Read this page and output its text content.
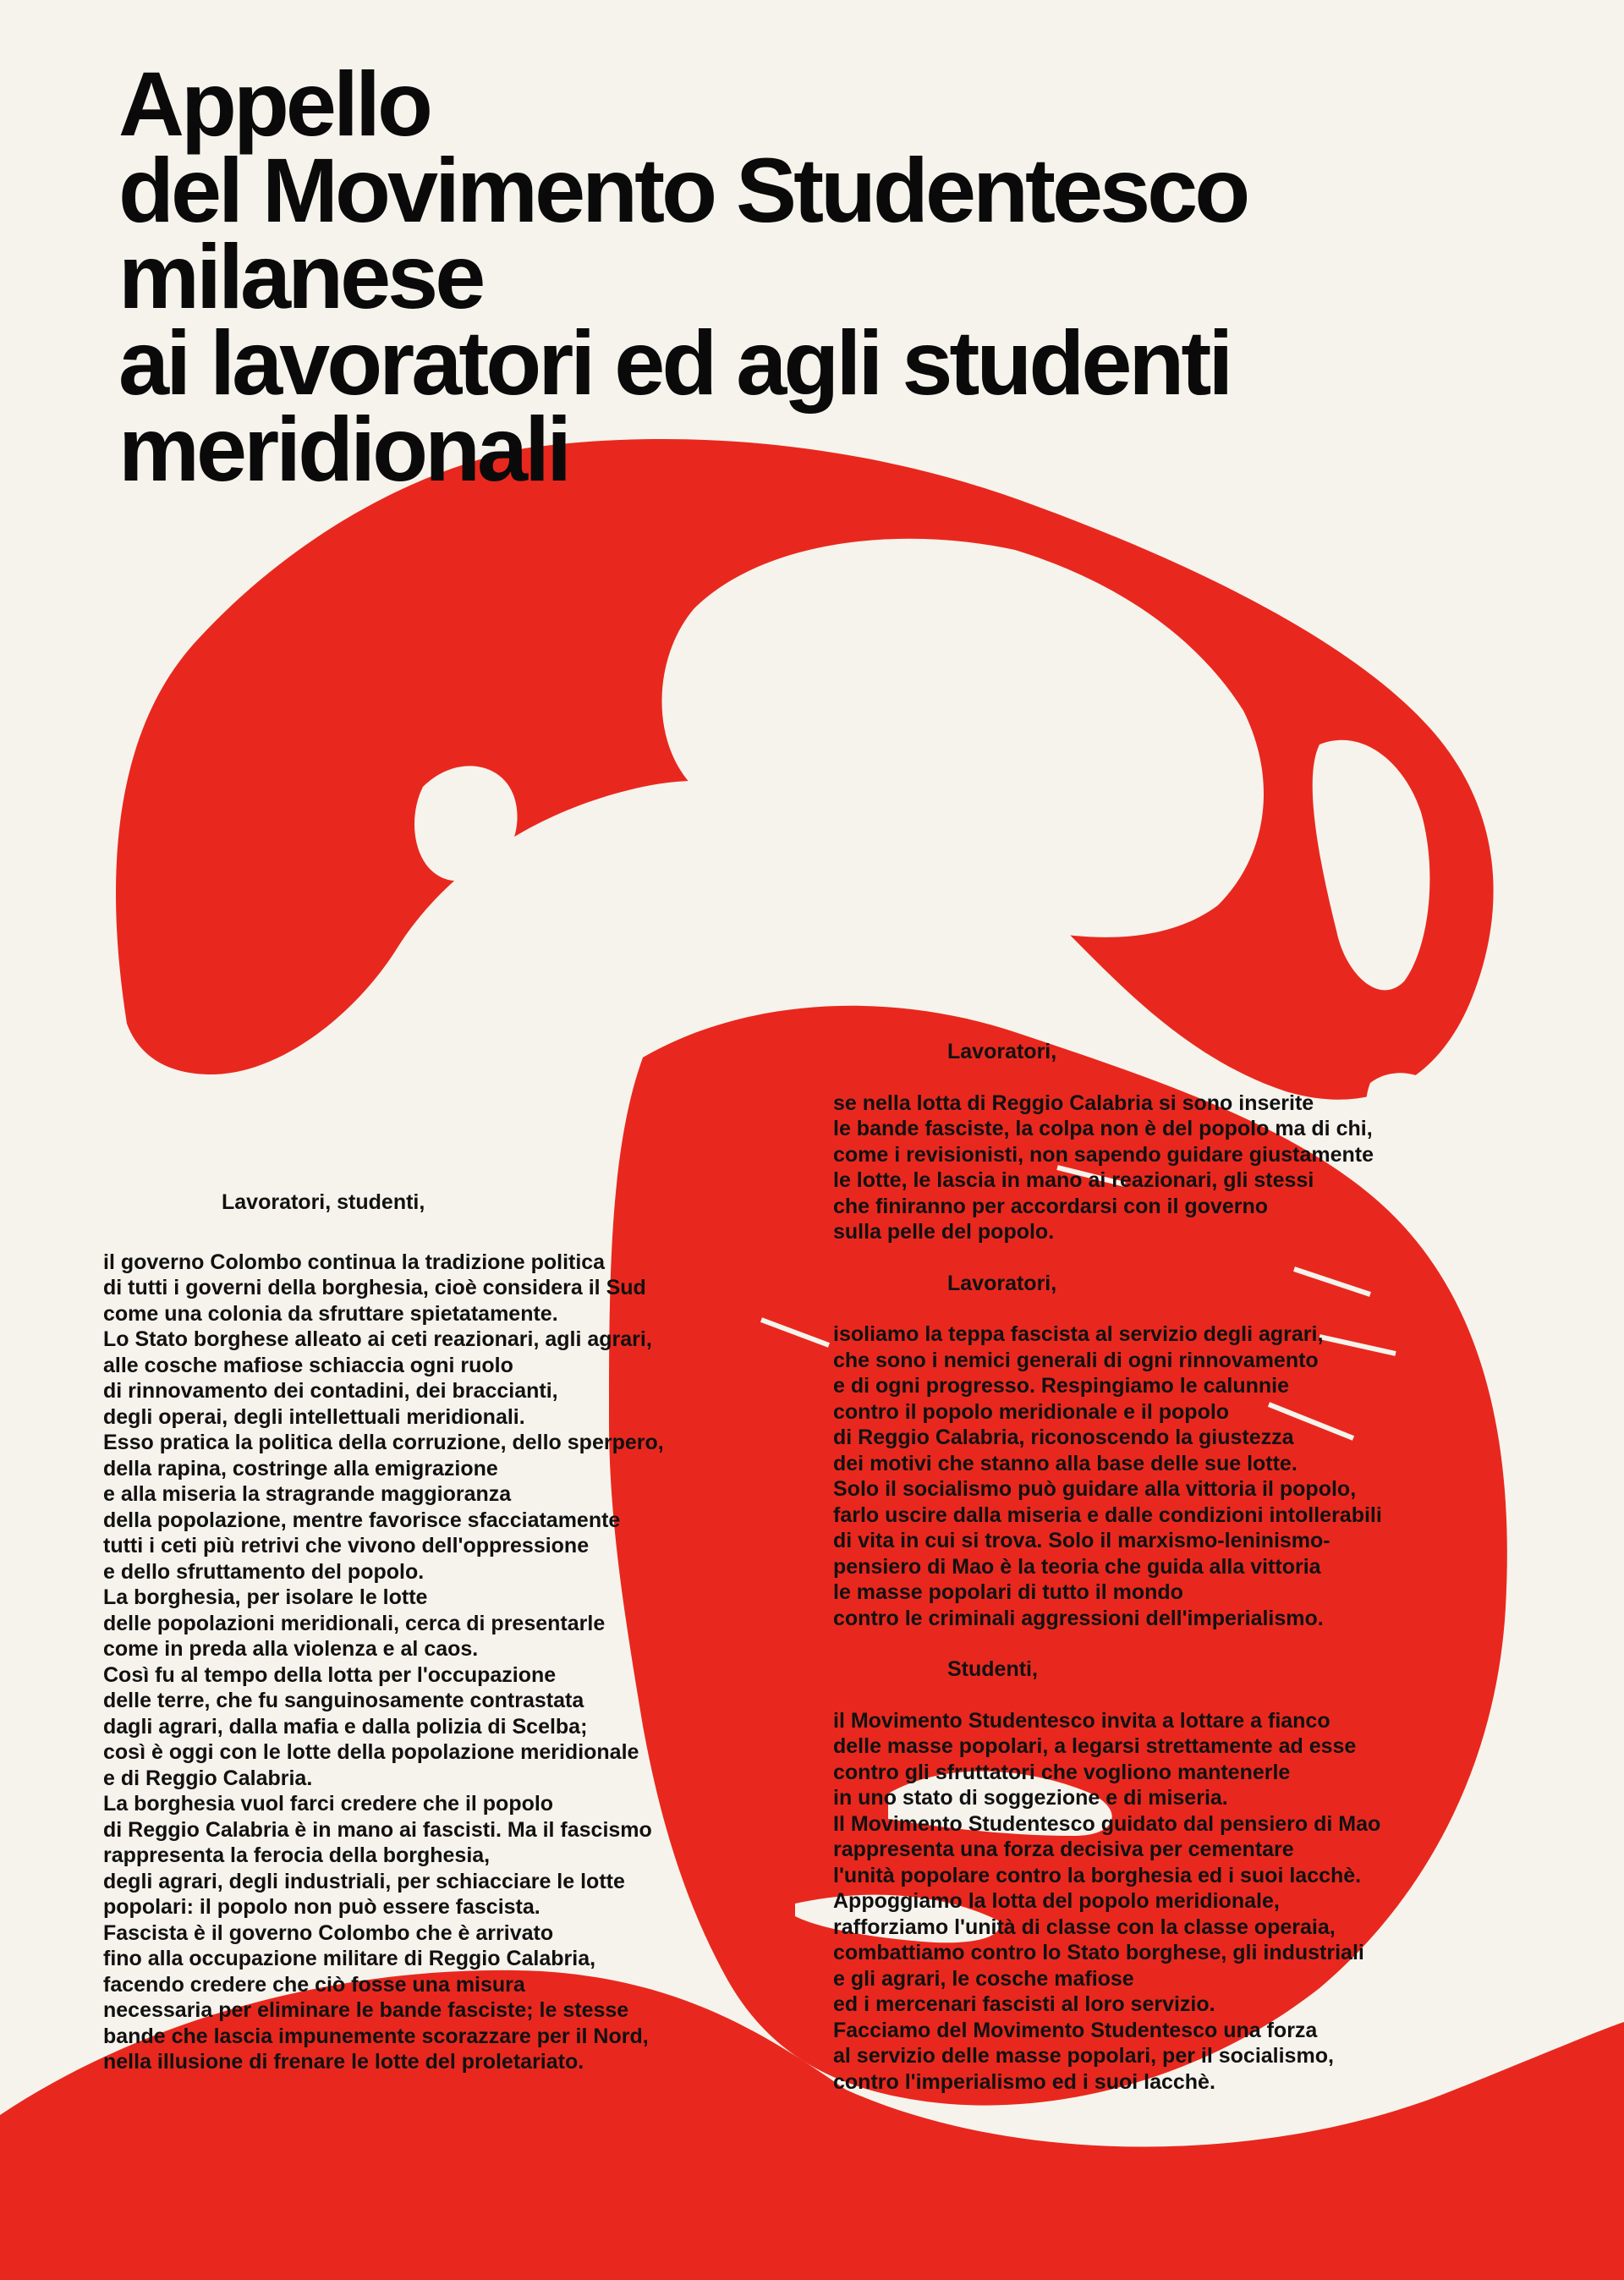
Appello
del Movimento Studentesco
milanese
ai lavoratori ed agli studenti
meridionali
Lavoratori, studenti,
il governo Colombo continua la tradizione politica
di tutti i governi della borghesia, cioè considera il Sud
come una colonia da sfruttare spietatamente.
Lo Stato borghese alleato ai ceti reazionari, agli agrari,
alle cosche mafiose schiaccia ogni ruolo
di rinnovamento dei contadini, dei braccianti,
degli operai, degli intellettuali meridionali.
Esso pratica la politica della corruzione, dello sperpero,
della rapina, costringe alla emigrazione
e alla miseria la stragrande maggioranza
della popolazione, mentre favorisce sfacciatamente
tutti i ceti più retrivi che vivono dell'oppressione
e dello sfruttamento del popolo.
La borghesia, per isolare le lotte
delle popolazioni meridionali, cerca di presentarle
come in preda alla violenza e al caos.
Così fu al tempo della lotta per l'occupazione
delle terre, che fu sanguinosamente contrastata
dagli agrari, dalla mafia e dalla polizia di Scelba;
così è oggi con le lotte della popolazione meridionale
e di Reggio Calabria.
La borghesia vuol farci credere che il popolo
di Reggio Calabria è in mano ai fascisti. Ma il fascismo
rappresenta la ferocia della borghesia,
degli agrari, degli industriali, per schiacciare le lotte
popolari: il popolo non può essere fascista.
Fascista è il governo Colombo che è arrivato
fino alla occupazione militare di Reggio Calabria,
facendo credere che ciò fosse una misura
necessaria per eliminare le bande fasciste; le stesse
bande che lascia impunemente scorazzare per il Nord,
nella illusione di frenare le lotte del proletariato.
Lavoratori,
se nella lotta di Reggio Calabria si sono inserite
le bande fasciste, la colpa non è del popolo ma di chi,
come i revisionisti, non sapendo guidare giustamente
le lotte, le lascia in mano ai reazionari, gli stessi
che finiranno per accordarsi con il governo
sulla pelle del popolo.
Lavoratori,
isoliamo la teppa fascista al servizio degli agrari,
che sono i nemici generali di ogni rinnovamento
e di ogni progresso. Respingiamo le calunnie
contro il popolo meridionale e il popolo
di Reggio Calabria, riconoscendo la giustezza
dei motivi che stanno alla base delle sue lotte.
Solo il socialismo può guidare alla vittoria il popolo,
farlo uscire dalla miseria e dalle condizioni intollerabili
di vita in cui si trova. Solo il marxismo-leninismo-
pensiero di Mao è la teoria che guida alla vittoria
le masse popolari di tutto il mondo
contro le criminali aggressioni dell'imperialismo.
Studenti,
il Movimento Studentesco invita a lottare a fianco
delle masse popolari, a legarsi strettamente ad esse
contro gli sfruttatori che vogliono mantenerle
in uno stato di soggezione e di miseria.
Il Movimento Studentesco guidato dal pensiero di Mao
rappresenta una forza decisiva per cementare
l'unità popolare contro la borghesia ed i suoi lacchè.
Appoggiamo la lotta del popolo meridionale,
rafforziamo l'unità di classe con la classe operaia,
combattiamo contro lo Stato borghese, gli industriali
e gli agrari, le cosche mafiose
ed i mercenari fascisti al loro servizio.
Facciamo del Movimento Studentesco una forza
al servizio delle masse popolari, per il socialismo,
contro l'imperialismo ed i suoi lacchè.
